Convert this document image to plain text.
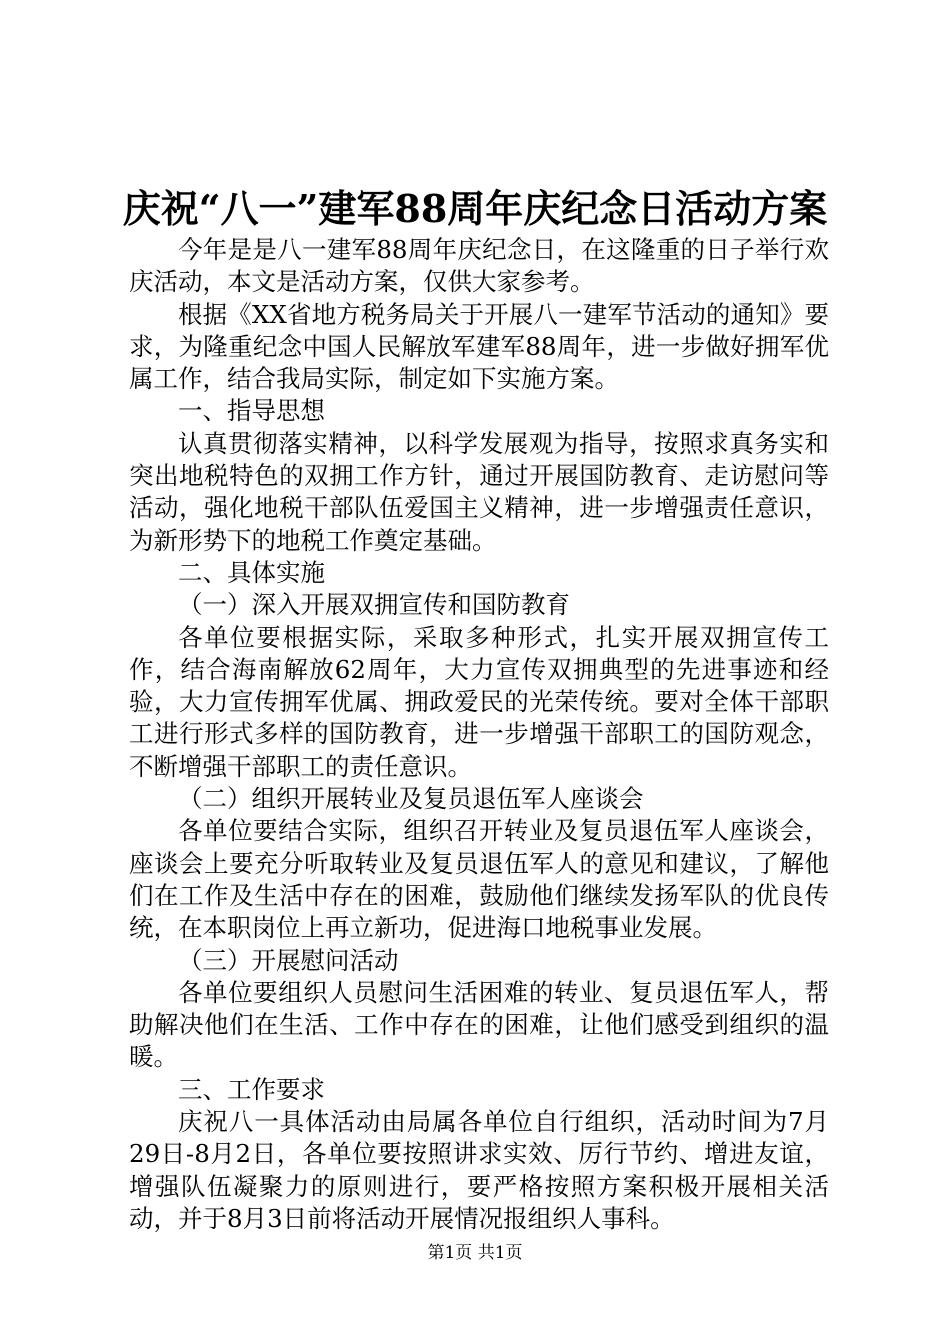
庆祝“八一”建军88周年庆纪念日活动方案

今年是是八一建军88周年庆纪念日，在这隆重的日子举行欢庆活动，本文是活动方案，仅供大家参考。

根据《XX省地方税务局关于开展八一建军节活动的通知》要求，为隆重纪念中国人民解放军建军88周年，进一步做好拥军优属工作，结合我局实际，制定如下实施方案。

一、指导思想

认真贯彻落实精神，以科学发展观为指导，按照求真务实和突出地税特色的双拥工作方针，通过开展国防教育、走访慰问等活动，强化地税干部队伍爱国主义精神，进一步增强责任意识，为新形势下的地税工作奠定基础。

二、具体实施

（一）深入开展双拥宣传和国防教育

各单位要根据实际，采取多种形式，扎实开展双拥宣传工作，结合海南解放62周年，大力宣传双拥典型的先进事迹和经验，大力宣传拥军优属、拥政爱民的光荣传统。要对全体干部职工进行形式多样的国防教育，进一步增强干部职工的国防观念，不断增强干部职工的责任意识。

（二）组织开展转业及复员退伍军人座谈会

各单位要结合实际，组织召开转业及复员退伍军人座谈会，座谈会上要充分听取转业及复员退伍军人的意见和建议，了解他们在工作及生活中存在的困难，鼓励他们继续发扬军队的优良传统，在本职岗位上再立新功，促进海口地税事业发展。

（三）开展慰问活动

各单位要组织人员慰问生活困难的转业、复员退伍军人，帮助解决他们在生活、工作中存在的困难，让他们感受到组织的温暖。

三、工作要求

庆祝八一具体活动由局属各单位自行组织，活动时间为7月29日-8月2日，各单位要按照讲求实效、厉行节约、增进友谊，增强队伍凝聚力的原则进行，要严格按照方案积极开展相关活动，并于8月3日前将活动开展情况报组织人事科。

第1页 共1页
